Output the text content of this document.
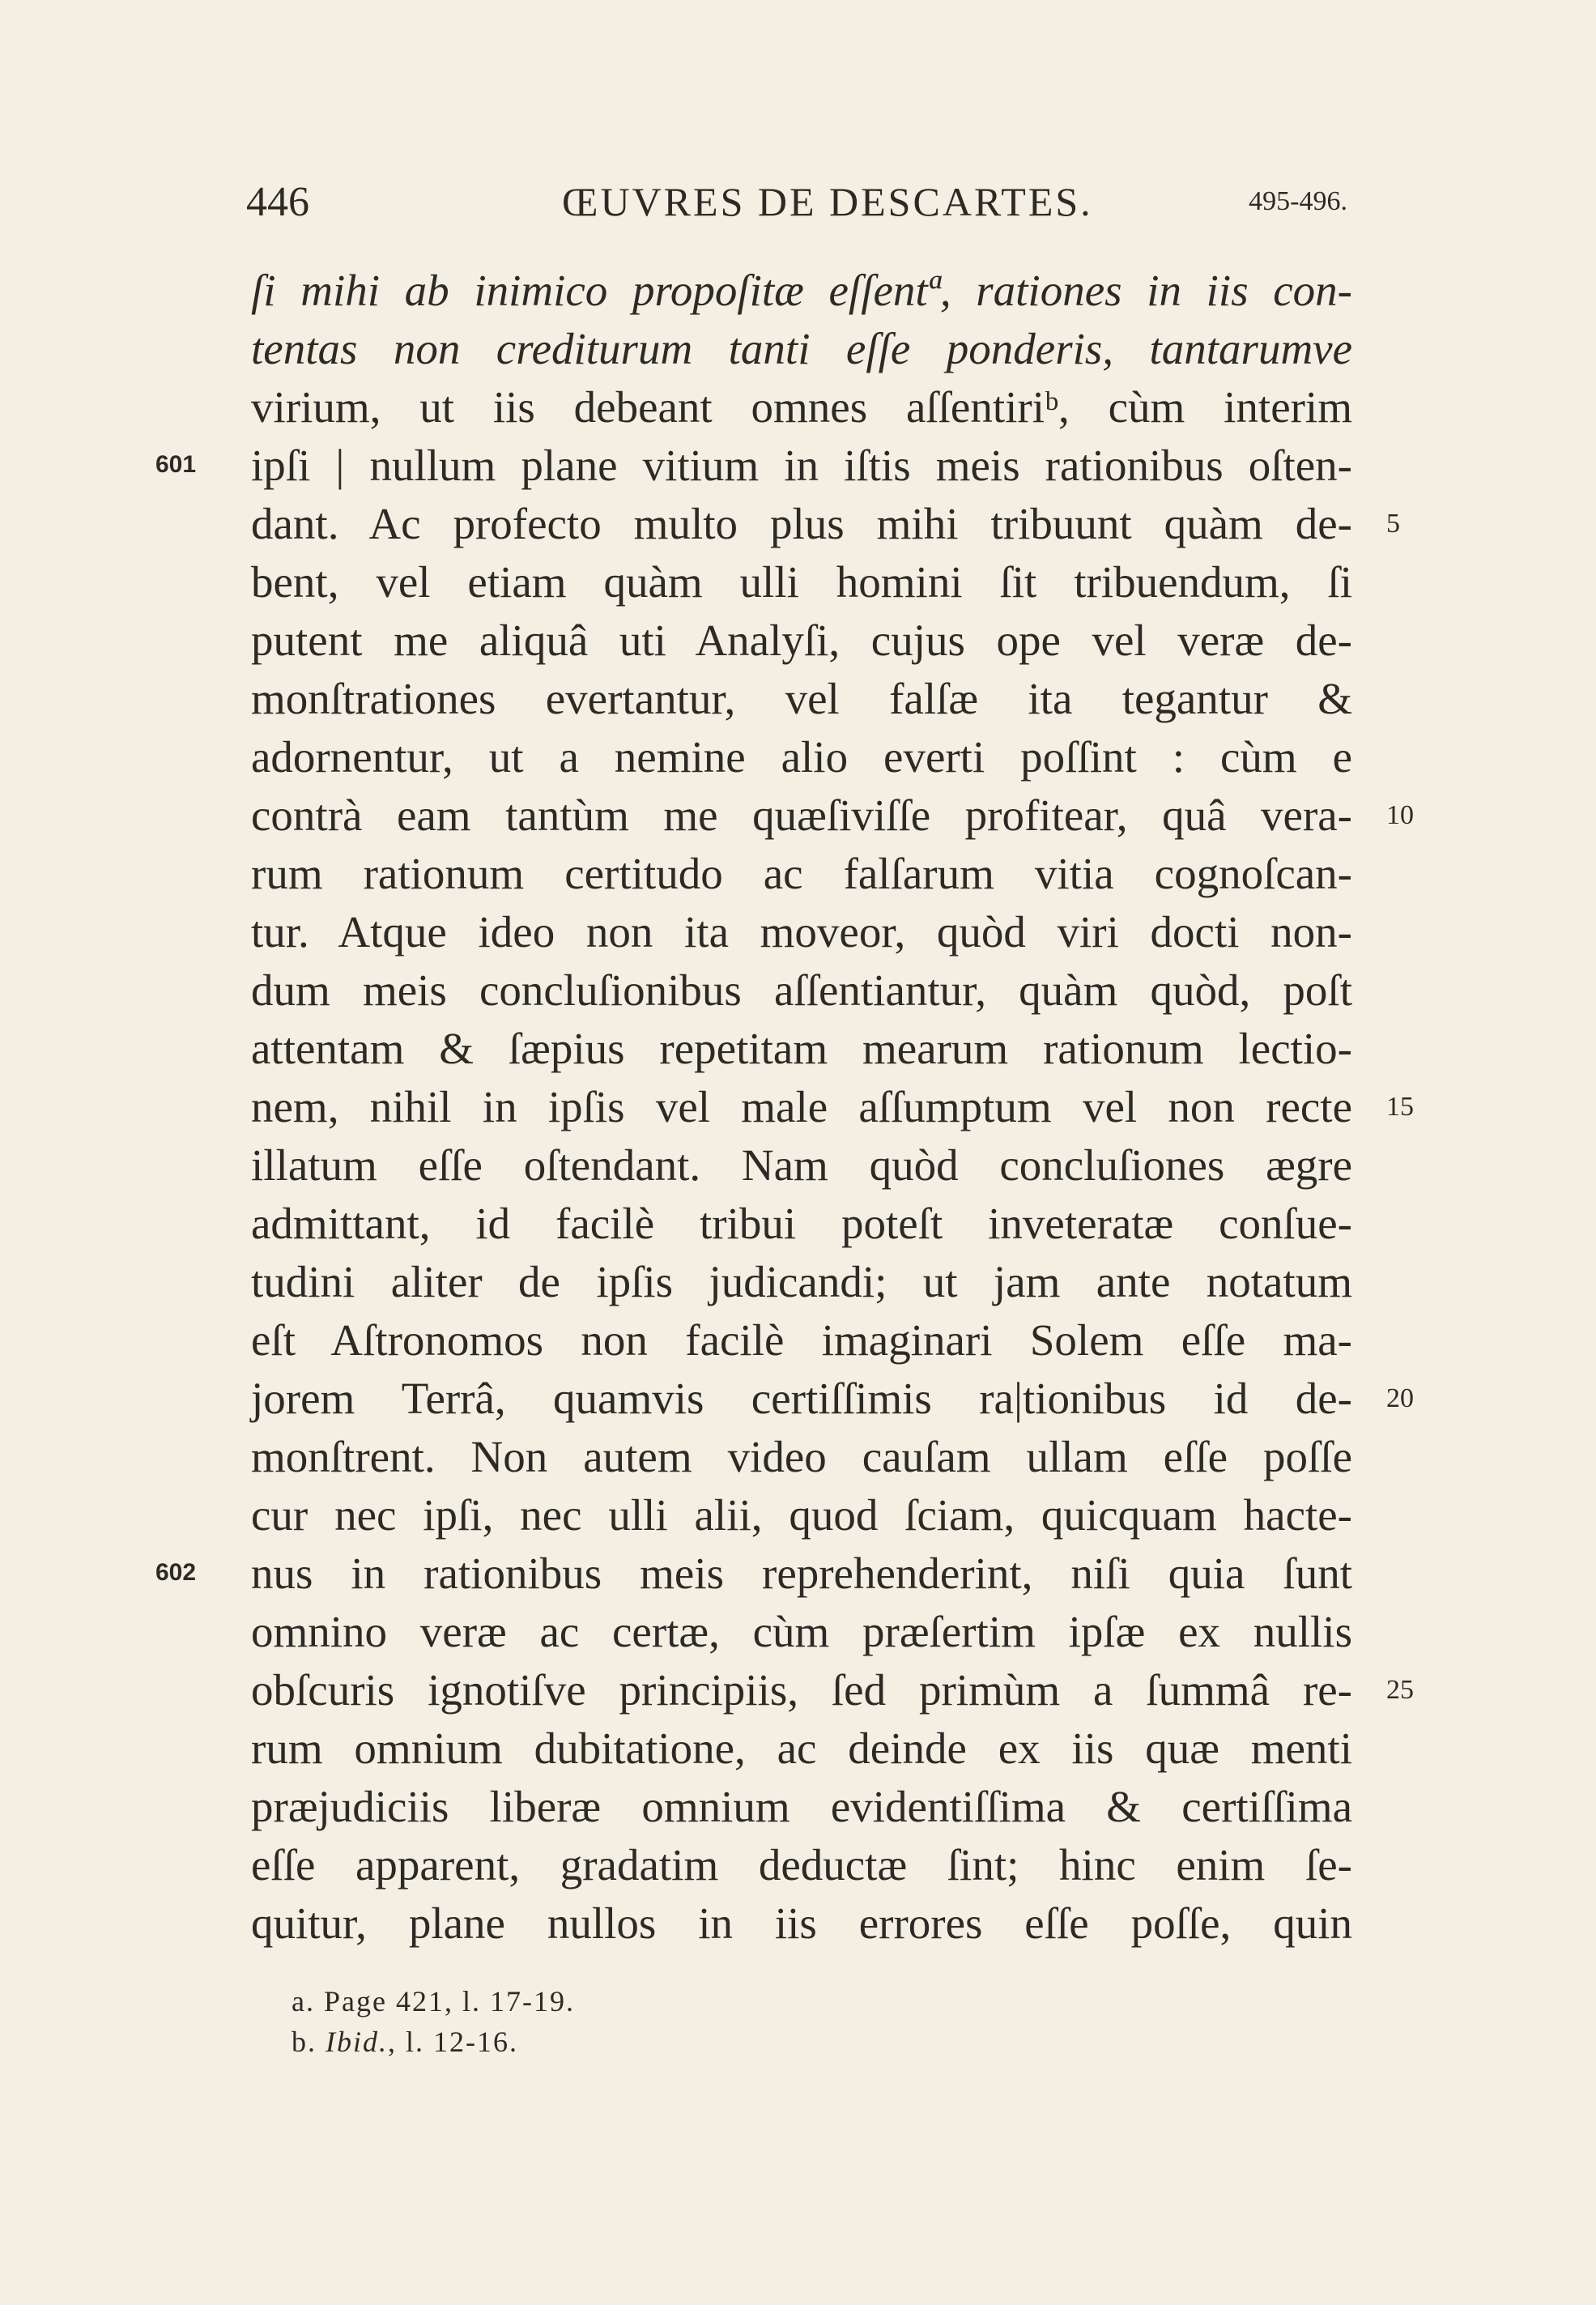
446	ŒUVRES DE DESCARTES.	495-496.
ſi mihi ab inimico propoſitæ eſſentª, rationes in iis con-
tentas non crediturum tanti eſſe ponderis, tantarumve
virium, ut iis debeant omnes aſſentiriᵇ, cùm interim
ipſi | nullum plane vitium in iſtis meis rationibus oſten-
dant. Ac profecto multo plus mihi tribuunt quàm de-
bent, vel etiam quàm ulli homini ſit tribuendum, ſi
putent me aliquâ uti Analyſi, cujus ope vel veræ de-
monſtrationes evertantur, vel falſæ ita tegantur &
adornentur, ut a nemine alio everti poſſint : cùm e
contrà eam tantùm me quæſiviſſe profitear, quâ vera-
rum rationum certitudo ac falſarum vitia cognoſcan-
tur. Atque ideo non ita moveor, quòd viri docti non-
dum meis concluſionibus aſſentiantur, quàm quòd, poſt
attentam & ſæpius repetitam mearum rationum lectio-
nem, nihil in ipſis vel male aſſumptum vel non recte
illatum eſſe oſtendant. Nam quòd concluſiones ægre
admittant, id facilè tribui poteſt inveteratæ conſue-
tudini aliter de ipſis judicandi; ut jam ante notatum
eſt Aſtronomos non facilè imaginari Solem eſſe ma-
jorem Terrâ, quamvis certiſſimis ra|tionibus id de-
monſtrent. Non autem video cauſam ullam eſſe poſſe
cur nec ipſi, nec ulli alii, quod ſciam, quicquam hacte-
nus in rationibus meis reprehenderint, niſi quia ſunt
omnino veræ ac certæ, cùm præſertim ipſæ ex nullis
obſcuris ignotiſve principiis, ſed primùm a ſummâ re-
rum omnium dubitatione, ac deinde ex iis quæ menti
præjudiciis liberæ omnium evidentiſſima & certiſſima
eſſe apparent, gradatim deductæ ſint; hinc enim ſe-
quitur, plane nullos in iis errores eſſe poſſe, quin
5
10
15
20
25
601
602
a. Page 421, l. 17-19.
b. Ibid., l. 12-16.
